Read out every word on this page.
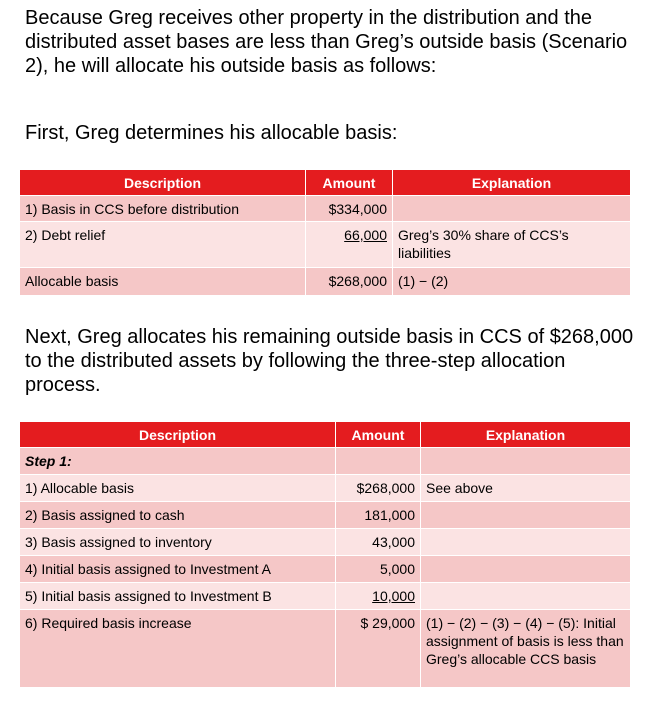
Because Greg receives other property in the distribution and the distributed asset bases are less than Greg’s outside basis (Scenario 2), he will allocate his outside basis as follows:

First, Greg determines his allocable basis:

Description	Amount	Explanation
1) Basis in CCS before distribution	$334,000	
2) Debt relief	66,000	Greg’s 30% share of CCS’s liabilities
Allocable basis	$268,000	(1) − (2)

Next, Greg allocates his remaining outside basis in CCS of $268,000 to the distributed assets by following the three-step allocation process.

Description	Amount	Explanation
Step 1:		
1) Allocable basis	$268,000	See above
2) Basis assigned to cash	181,000	
3) Basis assigned to inventory	43,000	
4) Initial basis assigned to Investment A	5,000	
5) Initial basis assigned to Investment B	10,000	
6) Required basis increase	$ 29,000	(1) − (2) − (3) − (4) − (5): Initial assignment of basis is less than Greg’s allocable CCS basis
